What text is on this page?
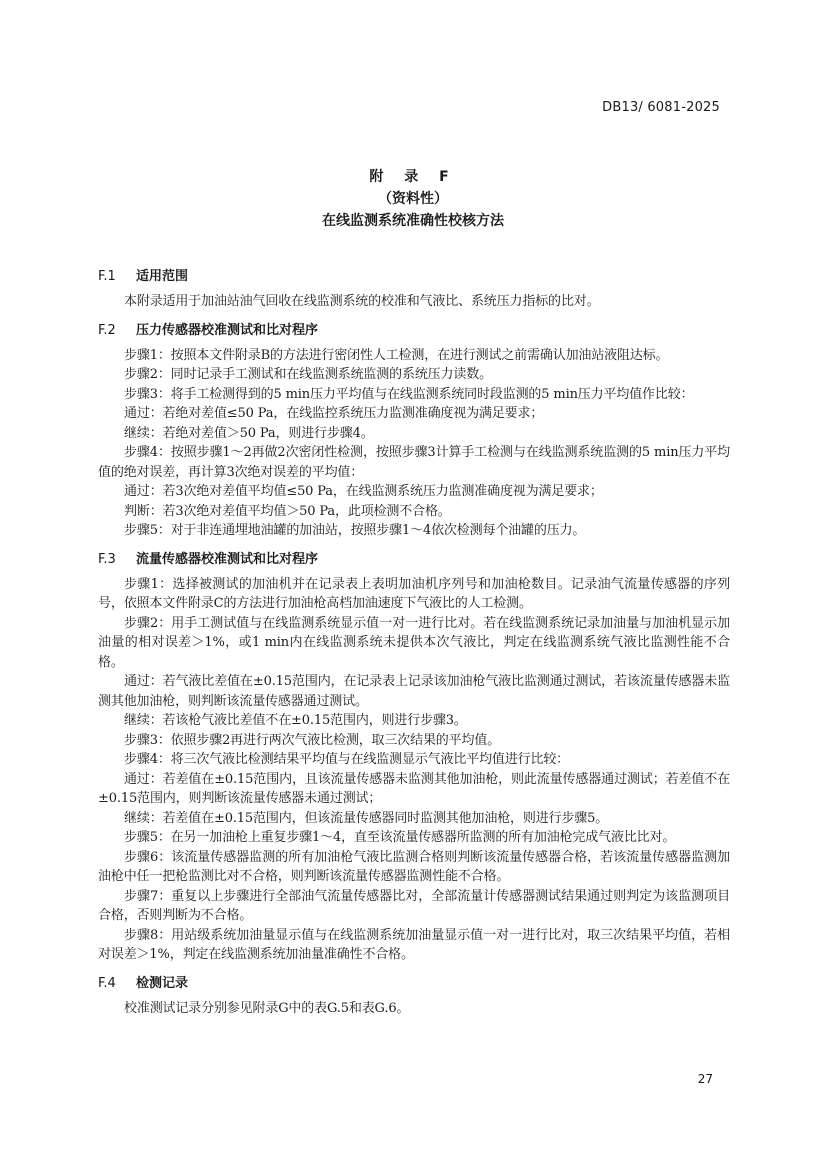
DB13/ 6081-2025
附 录 F
（资料性）
在线监测系统准确性校核方法
F.1 适用范围
本附录适用于加油站油气回收在线监测系统的校准和气液比、系统压力指标的比对。
F.2 压力传感器校准测试和比对程序
步骤1：按照本文件附录B的方法进行密闭性人工检测，在进行测试之前需确认加油站液阻达标。
步骤2：同时记录手工测试和在线监测系统监测的系统压力读数。
步骤3：将手工检测得到的5 min压力平均值与在线监测系统同时段监测的5 min压力平均值作比较：
通过：若绝对差值≤50 Pa，在线监控系统压力监测准确度视为满足要求；
继续：若绝对差值＞50 Pa，则进行步骤4。
步骤4：按照步骤1～2再做2次密闭性检测，按照步骤3计算手工检测与在线监测系统监测的5 min压力平均值的绝对误差，再计算3次绝对误差的平均值：
通过：若3次绝对差值平均值≤50 Pa，在线监测系统压力监测准确度视为满足要求；
判断：若3次绝对差值平均值＞50 Pa，此项检测不合格。
步骤5：对于非连通埋地油罐的加油站，按照步骤1～4依次检测每个油罐的压力。
F.3 流量传感器校准测试和比对程序
步骤1：选择被测试的加油机并在记录表上表明加油机序列号和加油枪数目。记录油气流量传感器的序列号，依照本文件附录C的方法进行加油枪高档加油速度下气液比的人工检测。
步骤2：用手工测试值与在线监测系统显示值一对一进行比对。若在线监测系统记录加油量与加油机显示加油量的相对误差＞1%，或1 min内在线监测系统未提供本次气液比，判定在线监测系统气液比监测性能不合格。
通过：若气液比差值在±0.15范围内，在记录表上记录该加油枪气液比监测通过测试，若该流量传感器未监测其他加油枪，则判断该流量传感器通过测试。
继续：若该枪气液比差值不在±0.15范围内，则进行步骤3。
步骤3：依照步骤2再进行两次气液比检测，取三次结果的平均值。
步骤4：将三次气液比检测结果平均值与在线监测显示气液比平均值进行比较：
通过：若差值在±0.15范围内，且该流量传感器未监测其他加油枪，则此流量传感器通过测试；若差值不在±0.15范围内，则判断该流量传感器未通过测试；
继续：若差值在±0.15范围内，但该流量传感器同时监测其他加油枪，则进行步骤5。
步骤5：在另一加油枪上重复步骤1～4，直至该流量传感器所监测的所有加油枪完成气液比比对。
步骤6：该流量传感器监测的所有加油枪气液比监测合格则判断该流量传感器合格，若该流量传感器监测加油枪中任一把枪监测比对不合格，则判断该流量传感器监测性能不合格。
步骤7：重复以上步骤进行全部油气流量传感器比对，全部流量计传感器测试结果通过则判定为该监测项目合格，否则判断为不合格。
步骤8：用站级系统加油量显示值与在线监测系统加油量显示值一对一进行比对，取三次结果平均值，若相对误差＞1%，判定在线监测系统加油量准确性不合格。
F.4 检测记录
校准测试记录分别参见附录G中的表G.5和表G.6。
27
